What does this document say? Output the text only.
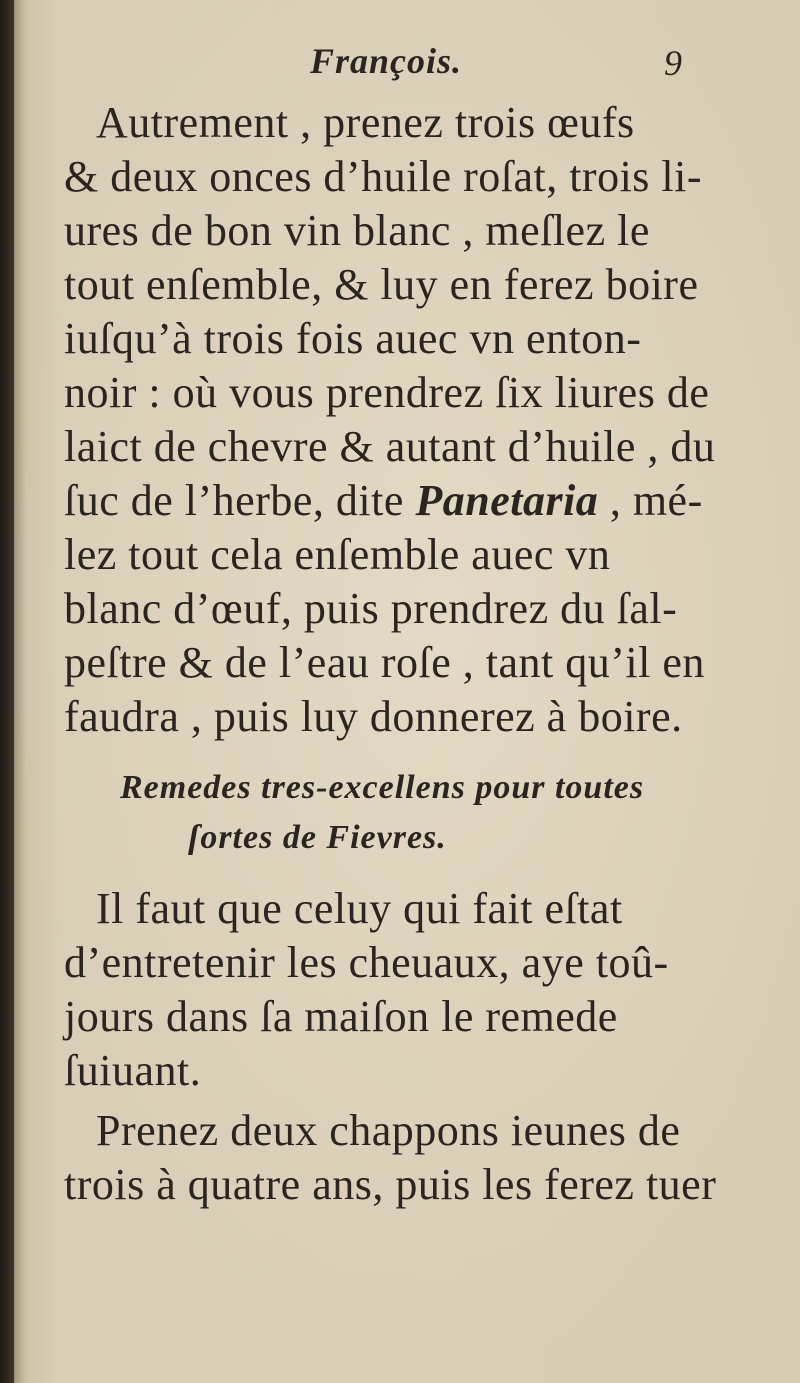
François.	9
Autrement , prenez trois œufs
& deux onces d’huile roſat, trois li-
ures de bon vin blanc , meſlez le
tout enſemble, & luy en ferez boire
iuſqu’à trois fois auec vn enton-
noir : où vous prendrez ſix liures de
laict de chevre & autant d’huile , du
ſuc de l’herbe, dite Panetaria , mé-
lez tout cela enſemble auec vn
blanc d’œuf, puis prendrez du ſal-
peſtre & de l’eau roſe , tant qu’il en
faudra , puis luy donnerez à boire.
Remedes tres-excellens pour toutes
ſortes de Fievres.
Il faut que celuy qui fait eſtat
d’entretenir les cheuaux, aye toû-
jours dans ſa maiſon le remede
ſuiuant.
Prenez deux chappons ieunes de
trois à quatre ans, puis les ferez tuer
